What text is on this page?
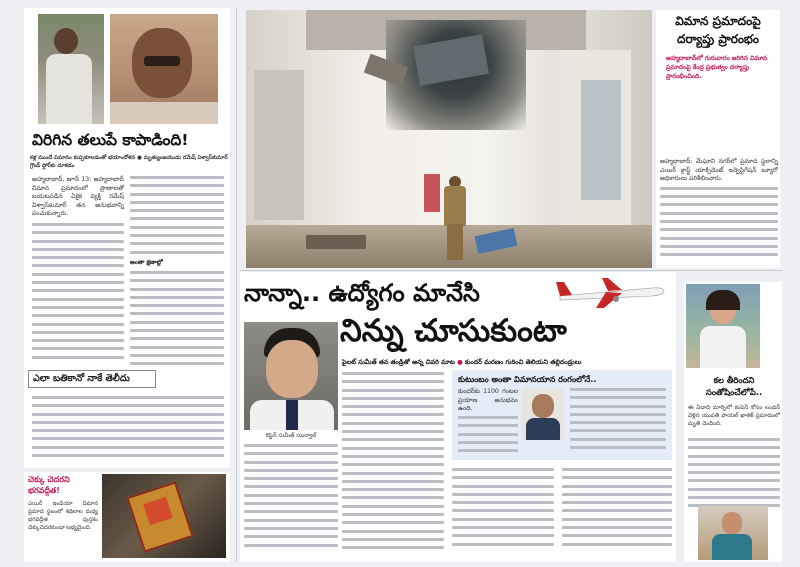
విరిగిన తలుపే కాపాడింది!
కళ్ల ముందే విమానం కుప్పకూలడంతో భయాందోళన ● మృత్యుంజయుడు రమేష్ విశ్వాస్‌కుమార్
గ్రౌండ్ ఫ్లోర్‌కు దూకడం
అహ్మదాబాద్, జూన్ 13: అహ్మదాబాద్ విమాన ప్రమాదంలో ప్రాణాలతో బయటపడిన ఏకైక వ్యక్తి రమేష్ విశ్వాస్‌కుమార్ తన అనుభవాన్ని పంచుకున్నారు.
అంతా క్షణాల్లో
ఎలా బతికానో నాకే తెలీదు
విమాన ప్రమాదంపై దర్యాప్తు ప్రారంభం
అహ్మదాబాద్‌లో గురువారం జరిగిన విమాన ప్రమాదంపై కేంద్ర ప్రభుత్వం దర్యాప్తు ప్రారంభించింది.
అహ్మదాబాద్: మేఘాని నగర్‌లో ప్రమాద స్థలాన్ని ఎయిర్ క్రాఫ్ట్ యాక్సిడెంట్ ఇన్వెస్టిగేషన్ బ్యూరో అధికారులు పరిశీలించారు.
నాన్నా.. ఉద్యోగం మానేసి
నిన్ను చూసుకుంటా
కెప్టెన్ సుమీత్ సబర్వాల్
పైలట్ సుమీత్ తన తండ్రితో అన్న చివరి మాట ● కుందర్ మరణం గురించి తెలియని తల్లిదండ్రులు
కుటుంబం అంతా విమానయాన రంగంలోనే..
కుందర్‌కు 1100 గంటల ప్రయాణ అనుభవం ఉంది.
చెక్కు చెదరని భగవద్గీత!
ఎయిర్ ఇండియా విమాన ప్రమాద స్థలంలో శిథిలాల మధ్య భగవద్గీత పుస్తకం చెక్కుచెదరకుండా లభ్యమైంది.
కల తీరిందని సంతోషించేలోపే..
ఈ ఏడాది మార్చిలో కంపెనీ కోసం లండన్ వెళ్లిన యువతి పాయల్ ఖాతిక్ ప్రమాదంలో మృతి చెందింది.
